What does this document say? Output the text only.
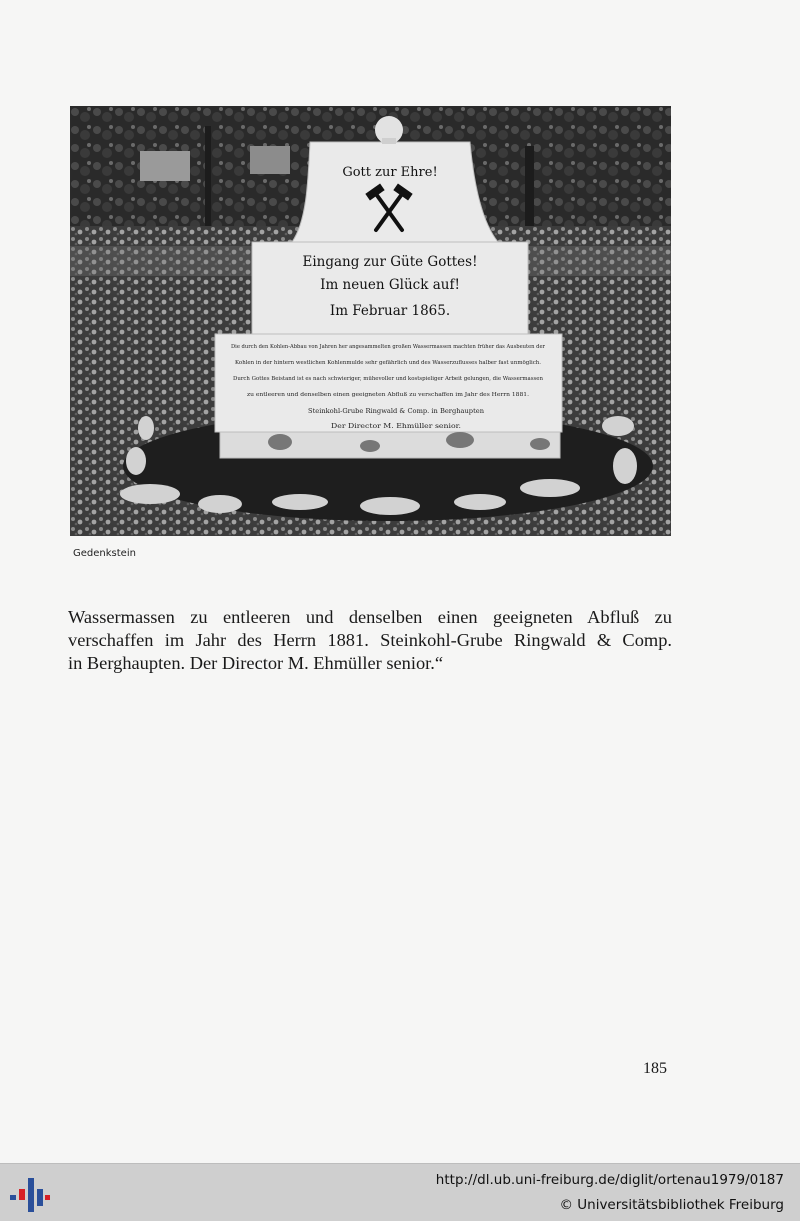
Gott zur Ehre!
Eingang zur Güte Gottes!
Im neuen Glück auf!
Im Februar 1865.
Die durch den Kohlen-Abbau von Jahren her angesammelten großen Wassermassen machten früher das Ausbeuten der
Kohlen in der hintern westlichen Kohlenmulde sehr gefährlich und des Wasserzuflusses halber fast unmöglich.
Durch Gottes Beistand ist es nach schwieriger, mühevoller und kostspieliger Arbeit gelungen, die Wassermassen
zu entleeren und denselben einen geeigneten Abfluß zu verschaffen im Jahr des Herrn 1881.
Steinkohl-Grube Ringwald & Comp. in Berghaupten
Der Director M. Ehmüller senior.
Gedenkstein
Wassermassen zu entleeren und denselben einen geeigneten Abfluß zu
verschaffen im Jahr des Herrn 1881. Steinkohl-Grube Ringwald & Comp.
in Berghaupten. Der Director M. Ehmüller senior.“
185
http://dl.ub.uni-freiburg.de/diglit/ortenau1979/0187
© Universitätsbibliothek Freiburg
